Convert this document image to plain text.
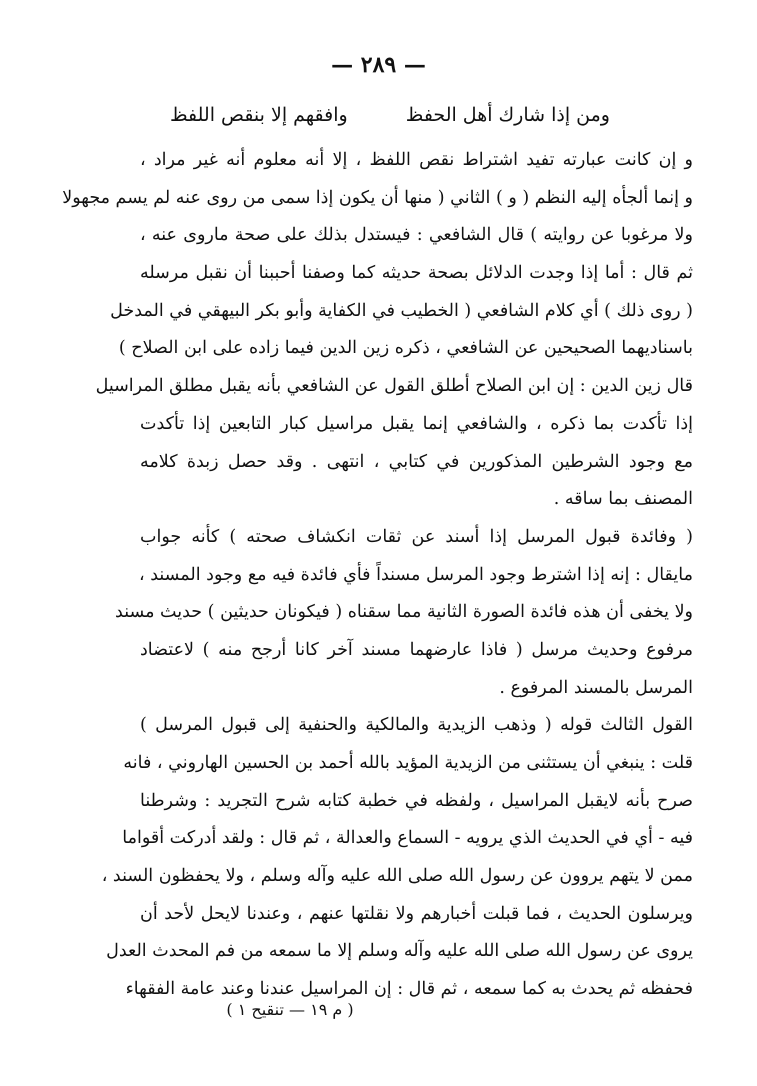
— ٢٨٩ —
ومن إذا شارك أهل الحفظ
وافقهم إلا بنقص اللفظ
و إن كانت عبارته تفيد اشتراط نقص اللفظ ، إلا أنه معلوم أنه غير مراد ،
و إنما ألجأه إليه النظم ( و ) الثاني ( منها أن يكون إذا سمى من روى عنه لم يسم مجهولا
ولا مرغوبا عن روايته ) قال الشافعي : فيستدل بذلك على صحة ماروى عنه ،
ثم قال : أما إذا وجدت الدلائل بصحة حديثه كما وصفنا أحببنا أن نقبل مرسله
( روى ذلك ) أي كلام الشافعي ( الخطيب في الكفاية وأبو بكر البيهقي في المدخل
باسناديهما الصحيحين عن الشافعي ، ذكره زين الدين فيما زاده على ابن الصلاح )
قال زين الدين : إن ابن الصلاح أطلق القول عن الشافعي بأنه يقبل مطلق المراسيل
إذا تأكدت بما ذكره ، والشافعي إنما يقبل مراسيل كبار التابعين إذا تأكدت
مع وجود الشرطين المذكورين في كتابي ، انتهى . وقد حصل زبدة كلامه
المصنف بما ساقه .
( وفائدة قبول المرسل إذا أسند عن ثقات انكشاف صحته ) كأنه جواب
مايقال : إنه إذا اشترط وجود المرسل مسنداً فأي فائدة فيه مع وجود المسند ،
ولا يخفى أن هذه فائدة الصورة الثانية مما سقناه ( فيكونان حديثين ) حديث مسند
مرفوع وحديث مرسل ( فاذا عارضهما مسند آخر كانا أرجح منه ) لاعتضاد
المرسل بالمسند المرفوع .
القول الثالث قوله ( وذهب الزيدية والمالكية والحنفية إلى قبول المرسل )
قلت : ينبغي أن يستثنى من الزيدية المؤيد بالله أحمد بن الحسين الهاروني ، فانه
صرح بأنه لايقبل المراسيل ، ولفظه في خطبة كتابه شرح التجريد : وشرطنا
فيه - أي في الحديث الذي يرويه - السماع والعدالة ، ثم قال : ولقد أدركت أقواما
ممن لا يتهم يروون عن رسول الله صلى الله عليه وآله وسلم ، ولا يحفظون السند ،
ويرسلون الحديث ، فما قبلت أخبارهم ولا نقلتها عنهم ، وعندنا لايحل لأحد أن
يروى عن رسول الله صلى الله عليه وآله وسلم إلا ما سمعه من فم المحدث العدل
فحفظه ثم يحدث به كما سمعه ، ثم قال : إن المراسيل عندنا وعند عامة الفقهاء
( م ١٩ — تنقيح ١ )
